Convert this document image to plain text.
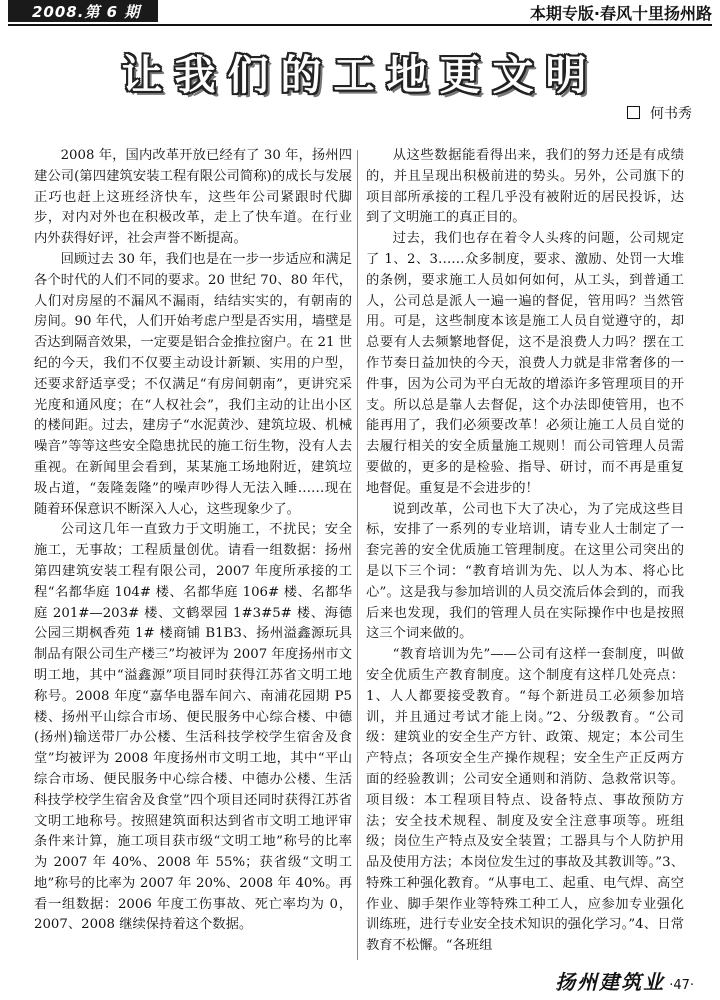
2008.第 6 期	本期专版·春风十里扬州路
让我们的工地更文明
何书秀

2008 年，国内改革开放已经有了 30 年，扬州四建公司(第四建筑安装工程有限公司简称)的成长与发展正巧也赶上这班经济快车，这些年公司紧跟时代脚步，对内对外也在积极改革，走上了快车道。在行业内外获得好评，社会声誉不断提高。

回顾过去 30 年，我们也是在一步一步适应和满足各个时代的人们不同的要求。20 世纪 70、80 年代，人们对房屋的不漏风不漏雨，结结实实的，有朝南的房间。90 年代，人们开始考虑户型是否实用，墙壁是否达到隔音效果，一定要是铝合金推拉窗户。在 21 世纪的今天，我们不仅要主动设计新颖、实用的户型，还要求舒适享受；不仅满足“有房间朝南”，更讲究采光度和通风度；在“人权社会”，我们主动的让出小区的楼间距。过去，建房子“水泥黄沙、建筑垃圾、机械噪音”等等这些安全隐患扰民的施工衍生物，没有人去重视。在新闻里会看到，某某施工场地附近，建筑垃圾占道，“轰隆轰隆”的噪声吵得人无法入睡……现在随着环保意识不断深入人心，这些现象少了。

公司这几年一直致力于文明施工，不扰民；安全施工，无事故；工程质量创优。请看一组数据：扬州第四建筑安装工程有限公司，2007 年度所承接的工程“名都华庭 104# 楼、名都华庭 106# 楼、名都华庭 201#—203# 楼、文鹤翠园 1#3#5# 楼、海德公园三期枫香苑 1# 楼商铺 B1B3、扬州溢鑫源玩具制品有限公司生产楼三”均被评为 2007 年度扬州市文明工地，其中“溢鑫源”项目同时获得江苏省文明工地称号。2008 年度“嘉华电器车间六、南浦花园期 P5 楼、扬州平山综合市场、便民服务中心综合楼、中德(扬州)输送带厂办公楼、生活科技学校学生宿舍及食堂”均被评为 2008 年度扬州市文明工地，其中“平山综合市场、便民服务中心综合楼、中德办公楼、生活科技学校学生宿舍及食堂”四个项目还同时获得江苏省文明工地称号。按照建筑面积达到省市文明工地评审条件来计算，施工项目获市级“文明工地”称号的比率为 2007 年 40%、2008 年 55%；获省级“文明工地”称号的比率为 2007 年 20%、2008 年 40%。再看一组数据：2006 年度工伤事故、死亡率均为 0，2007、2008 继续保持着这个数据。

从这些数据能看得出来，我们的努力还是有成绩的，并且呈现出积极前进的势头。另外，公司旗下的项目部所承接的工程几乎没有被附近的居民投诉，达到了文明施工的真正目的。

过去，我们也存在着令人头疼的问题，公司规定了 1、2、3……众多制度，要求、激励、处罚一大堆的条例，要求施工人员如何如何，从工头，到普通工人，公司总是派人一遍一遍的督促，管用吗？当然管用。可是，这些制度本该是施工人员自觉遵守的，却总要有人去频繁地督促，这不是浪费人力吗？摆在工作节奏日益加快的今天，浪费人力就是非常奢侈的一件事，因为公司为平白无故的增添许多管理项目的开支。所以总是靠人去督促，这个办法即使管用，也不能再用了，我们必须要改革！必须让施工人员自觉的去履行相关的安全质量施工规则！而公司管理人员需要做的，更多的是检验、指导、研讨，而不再是重复地督促。重复是不会进步的！

说到改革，公司也下大了决心，为了完成这些目标，安排了一系列的专业培训，请专业人士制定了一套完善的安全优质施工管理制度。在这里公司突出的是以下三个词：“教育培训为先、以人为本、将心比心”。这是我与参加培训的人员交流后体会到的，而我后来也发现，我们的管理人员在实际操作中也是按照这三个词来做的。

“教育培训为先”——公司有这样一套制度，叫做安全优质生产教育制度。这个制度有这样几处亮点：1、人人都要接受教育。“每个新进员工必须参加培训，并且通过考试才能上岗。”2、分级教育。“公司级：建筑业的安全生产方针、政策、规定；本公司生产特点；各项安全生产操作规程；安全生产正反两方面的经验教训；公司安全通则和消防、急救常识等。项目级：本工程项目特点、设备特点、事故预防方法；安全技术规程、制度及安全注意事项等。班组级；岗位生产特点及安全装置；工器具与个人防护用品及使用方法；本岗位发生过的事故及其教训等。”3、特殊工种强化教育。“从事电工、起重、电气焊、高空作业、脚手架作业等特殊工种工人，应参加专业强化训练班，进行专业安全技术知识的强化学习。”4、日常教育不松懈。“各班组

扬州建筑业 ·47·
